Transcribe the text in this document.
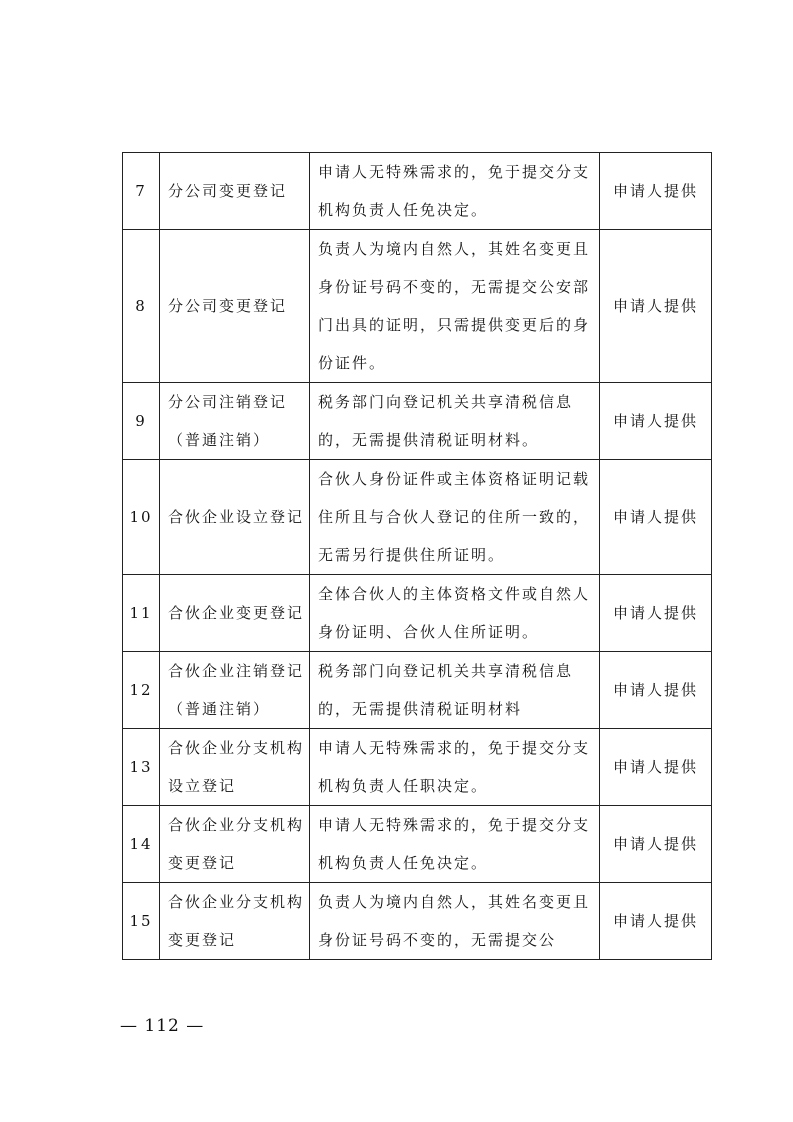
7	分公司变更登记	申请人无特殊需求的，免于提交分支机构负责人任免决定。	申请人提供
8	分公司变更登记	负责人为境内自然人，其姓名变更且身份证号码不变的，无需提交公安部门出具的证明，只需提供变更后的身份证件。	申请人提供
9	分公司注销登记（普通注销）	税务部门向登记机关共享清税信息的，无需提供清税证明材料。	申请人提供
10	合伙企业设立登记	合伙人身份证件或主体资格证明记载住所且与合伙人登记的住所一致的，无需另行提供住所证明。	申请人提供
11	合伙企业变更登记	全体合伙人的主体资格文件或自然人身份证明、合伙人住所证明。	申请人提供
12	合伙企业注销登记（普通注销）	税务部门向登记机关共享清税信息的，无需提供清税证明材料	申请人提供
13	合伙企业分支机构设立登记	申请人无特殊需求的，免于提交分支机构负责人任职决定。	申请人提供
14	合伙企业分支机构变更登记	申请人无特殊需求的，免于提交分支机构负责人任免决定。	申请人提供
15	合伙企业分支机构变更登记	负责人为境内自然人，其姓名变更且身份证号码不变的，无需提交公	申请人提供
— 112 —
